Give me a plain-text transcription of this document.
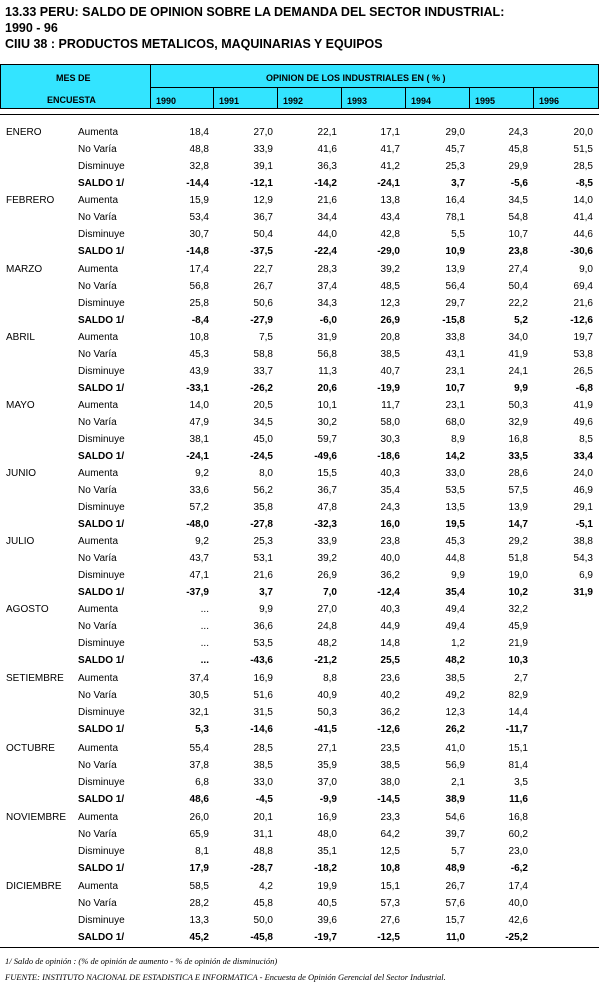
13.33 PERU: SALDO DE OPINION SOBRE LA DEMANDA DEL SECTOR INDUSTRIAL:
1990 - 96
CIIU 38 : PRODUCTOS METALICOS, MAQUINARIAS Y EQUIPOS
MES DE
ENCUESTA
OPINION DE LOS INDUSTRIALES EN ( % )
1990	1991	1992	1993	1994	1995	1996
ENERO	Aumenta	18,4	27,0	22,1	17,1	29,0	24,3	20,0
No Varía	48,8	33,9	41,6	41,7	45,7	45,8	51,5
Disminuye	32,8	39,1	36,3	41,2	25,3	29,9	28,5
SALDO 1/	-14,4	-12,1	-14,2	-24,1	3,7	-5,6	-8,5
FEBRERO Aumenta	15,9	12,9	21,6	13,8	16,4	34,5	14,0
No Varía	53,4	36,7	34,4	43,4	78,1	54,8	41,4
Disminuye	30,7	50,4	44,0	42,8	5,5	10,7	44,6
SALDO 1/	-14,8	-37,5	-22,4	-29,0	10,9	23,8	-30,6
MARZO	Aumenta	17,4	22,7	28,3	39,2	13,9	27,4	9,0
No Varía	56,8	26,7	37,4	48,5	56,4	50,4	69,4
Disminuye	25,8	50,6	34,3	12,3	29,7	22,2	21,6
SALDO 1/	-8,4	-27,9	-6,0	26,9	-15,8	5,2	-12,6
ABRIL	Aumenta	10,8	7,5	31,9	20,8	33,8	34,0	19,7
No Varía	45,3	58,8	56,8	38,5	43,1	41,9	53,8
Disminuye	43,9	33,7	11,3	40,7	23,1	24,1	26,5
SALDO 1/	-33,1	-26,2	20,6	-19,9	10,7	9,9	-6,8
MAYO	Aumenta	14,0	20,5	10,1	11,7	23,1	50,3	41,9
No Varía	47,9	34,5	30,2	58,0	68,0	32,9	49,6
Disminuye	38,1	45,0	59,7	30,3	8,9	16,8	8,5
SALDO 1/	-24,1	-24,5	-49,6	-18,6	14,2	33,5	33,4
JUNIO	Aumenta	9,2	8,0	15,5	40,3	33,0	28,6	24,0
No Varía	33,6	56,2	36,7	35,4	53,5	57,5	46,9
Disminuye	57,2	35,8	47,8	24,3	13,5	13,9	29,1
SALDO 1/	-48,0	-27,8	-32,3	16,0	19,5	14,7	-5,1
JULIO	Aumenta	9,2	25,3	33,9	23,8	45,3	29,2	38,8
No Varía	43,7	53,1	39,2	40,0	44,8	51,8	54,3
Disminuye	47,1	21,6	26,9	36,2	9,9	19,0	6,9
SALDO 1/	-37,9	3,7	7,0	-12,4	35,4	10,2	31,9
AGOSTO	Aumenta	...	9,9	27,0	40,3	49,4	32,2
No Varía	...	36,6	24,8	44,9	49,4	45,9
Disminuye	...	53,5	48,2	14,8	1,2	21,9
SALDO 1/	...	-43,6	-21,2	25,5	48,2	10,3
SETIEMBRE Aumenta	37,4	16,9	8,8	23,6	38,5	2,7
No Varía	30,5	51,6	40,9	40,2	49,2	82,9
Disminuye	32,1	31,5	50,3	36,2	12,3	14,4
SALDO 1/	5,3	-14,6	-41,5	-12,6	26,2	-11,7
OCTUBRE Aumenta	55,4	28,5	27,1	23,5	41,0	15,1
No Varía	37,8	38,5	35,9	38,5	56,9	81,4
Disminuye	6,8	33,0	37,0	38,0	2,1	3,5
SALDO 1/	48,6	-4,5	-9,9	-14,5	38,9	11,6
NOVIEMBRE Aumenta	26,0	20,1	16,9	23,3	54,6	16,8
No Varía	65,9	31,1	48,0	64,2	39,7	60,2
Disminuye	8,1	48,8	35,1	12,5	5,7	23,0
SALDO 1/	17,9	-28,7	-18,2	10,8	48,9	-6,2
DICIEMBRE Aumenta	58,5	4,2	19,9	15,1	26,7	17,4
No Varía	28,2	45,8	40,5	57,3	57,6	40,0
Disminuye	13,3	50,0	39,6	27,6	15,7	42,6
SALDO 1/	45,2	-45,8	-19,7	-12,5	11,0	-25,2
1/ Saldo de opinión : (% de opinión de aumento - % de opinión de disminución)
FUENTE: INSTITUTO NACIONAL DE ESTADISTICA E INFORMATICA - Encuesta de Opinión Gerencial del Sector Industrial.
